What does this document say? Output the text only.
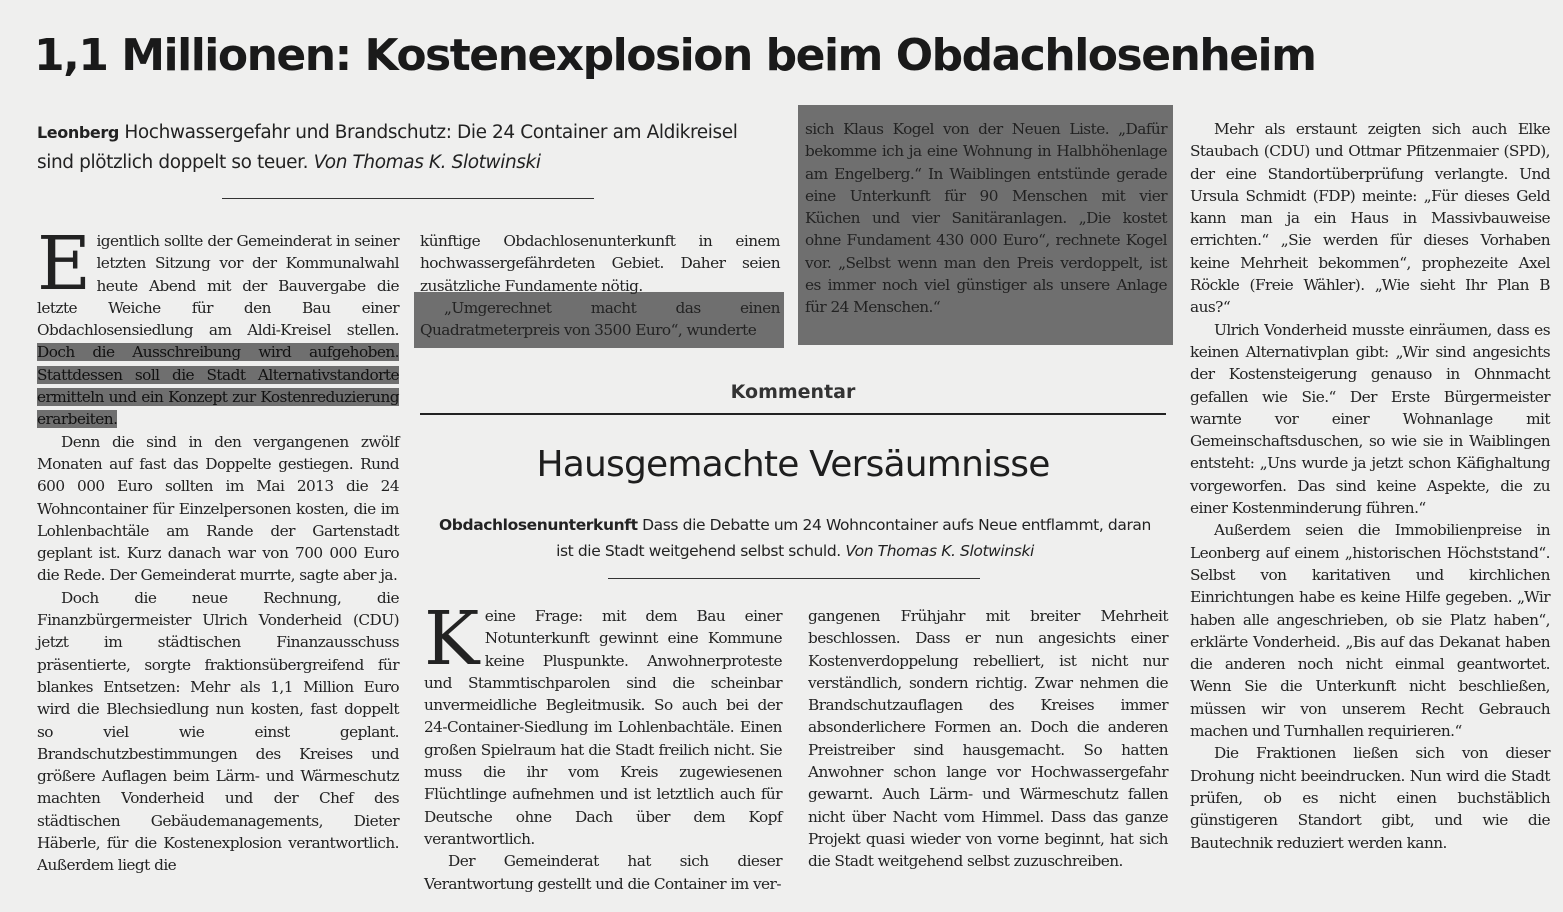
1,1 Millionen: Kostenexplosion beim Obdachlosenheim
Leonberg Hochwassergefahr und Brandschutz: Die 24 Container am Aldikreisel sind plötzlich doppelt so teuer. Von Thomas K. Slotwinski

Eigentlich sollte der Gemeinderat in seiner letzten Sitzung vor der Kommunalwahl heute Abend mit der Bauvergabe die letzte Weiche für den Bau einer Obdachlosensiedlung am Aldi-Kreisel stellen. Doch die Ausschreibung wird aufgehoben. Stattdessen soll die Stadt Alternativstandorte ermitteln und ein Konzept zur Kostenreduzierung erarbeiten.

Denn die sind in den vergangenen zwölf Monaten auf fast das Doppelte gestiegen. Rund 600 000 Euro sollten im Mai 2013 die 24 Wohncontainer für Einzelpersonen kosten, die im Lohlenbachtäle am Rande der Gartenstadt geplant ist. Kurz danach war von 700 000 Euro die Rede. Der Gemeinderat murrte, sagte aber ja.

Doch die neue Rechnung, die Finanzbürgermeister Ulrich Vonderheid (CDU) jetzt im städtischen Finanzausschuss präsentierte, sorgte fraktionsübergreifend für blankes Entsetzen: Mehr als 1,1 Million Euro wird die Blechsiedlung nun kosten, fast doppelt so viel wie einst geplant. Brandschutzbestimmungen des Kreises und größere Auflagen beim Lärm- und Wärmeschutz machten Vonderheid und der Chef des städtischen Gebäudemanagements, Dieter Häberle, für die Kostenexplosion verantwortlich. Außerdem liegt die

künftige Obdachlosenunterkunft in einem hochwassergefährdeten Gebiet. Daher seien zusätzliche Fundamente nötig.

„Umgerechnet macht das einen Quadratmeterpreis von 3500 Euro“, wunderte

sich Klaus Kogel von der Neuen Liste. „Dafür bekomme ich ja eine Wohnung in Halbhöhenlage am Engelberg.“ In Waiblingen entstünde gerade eine Unterkunft für 90 Menschen mit vier Küchen und vier Sanitäranlagen. „Die kostet ohne Fundament 430 000 Euro“, rechnete Kogel vor. „Selbst wenn man den Preis verdoppelt, ist es immer noch viel günstiger als unsere Anlage für 24 Menschen.“

Mehr als erstaunt zeigten sich auch Elke Staubach (CDU) und Ottmar Pfitzenmaier (SPD), der eine Standortüberprüfung verlangte. Und Ursula Schmidt (FDP) meinte: „Für dieses Geld kann man ja ein Haus in Massivbauweise errichten.“ „Sie werden für dieses Vorhaben keine Mehrheit bekommen“, prophezeite Axel Röckle (Freie Wähler). „Wie sieht Ihr Plan B aus?“

Ulrich Vonderheid musste einräumen, dass es keinen Alternativplan gibt: „Wir sind angesichts der Kostensteigerung genauso in Ohnmacht gefallen wie Sie.“ Der Erste Bürgermeister warnte vor einer Wohnanlage mit Gemeinschaftsduschen, so wie sie in Waiblingen entsteht: „Uns wurde ja jetzt schon Käfighaltung vorgeworfen. Das sind keine Aspekte, die zu einer Kostenminderung führen.“

Außerdem seien die Immobilienpreise in Leonberg auf einem „historischen Höchststand“. Selbst von karitativen und kirchlichen Einrichtungen habe es keine Hilfe gegeben. „Wir haben alle angeschrieben, ob sie Platz haben“, erklärte Vonderheid. „Bis auf das Dekanat haben die anderen noch nicht einmal geantwortet. Wenn Sie die Unterkunft nicht beschließen, müssen wir von unserem Recht Gebrauch machen und Turnhallen requirieren.“

Die Fraktionen ließen sich von dieser Drohung nicht beeindrucken. Nun wird die Stadt prüfen, ob es nicht einen buchstäblich günstigeren Standort gibt, und wie die Bautechnik reduziert werden kann.

Kommentar
Hausgemachte Versäumnisse
Obdachlosenunterkunft Dass die Debatte um 24 Wohncontainer aufs Neue entflammt, daran ist die Stadt weitgehend selbst schuld. Von Thomas K. Slotwinski

Keine Frage: mit dem Bau einer Notunterkunft gewinnt eine Kommune keine Pluspunkte. Anwohnerproteste und Stammtischparolen sind die scheinbar unvermeidliche Begleitmusik. So auch bei der 24-Container-Siedlung im Lohlenbachtäle. Einen großen Spielraum hat die Stadt freilich nicht. Sie muss die ihr vom Kreis zugewiesenen Flüchtlinge aufnehmen und ist letztlich auch für Deutsche ohne Dach über dem Kopf verantwortlich.

Der Gemeinderat hat sich dieser Verantwortung gestellt und die Container im ver-

gangenen Frühjahr mit breiter Mehrheit beschlossen. Dass er nun angesichts einer Kostenverdoppelung rebelliert, ist nicht nur verständlich, sondern richtig. Zwar nehmen die Brandschutzauflagen des Kreises immer absonderlichere Formen an. Doch die anderen Preistreiber sind hausgemacht. So hatten Anwohner schon lange vor Hochwassergefahr gewarnt. Auch Lärm- und Wärmeschutz fallen nicht über Nacht vom Himmel. Dass das ganze Projekt quasi wieder von vorne beginnt, hat sich die Stadt weitgehend selbst zuzuschreiben.
